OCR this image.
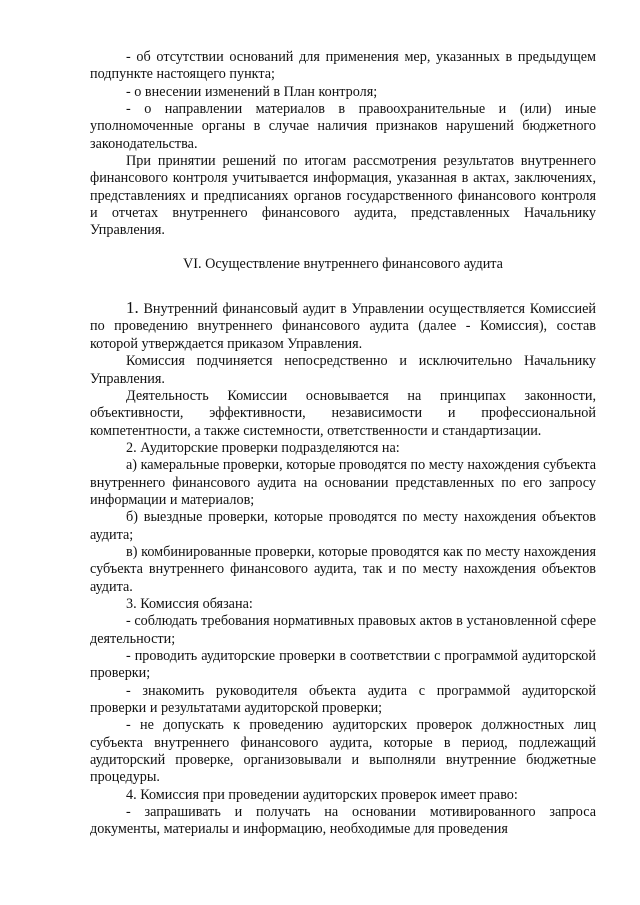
- об отсутствии оснований для применения мер, указанных в предыдущем подпункте настоящего пункта;

- о внесении изменений в План контроля;

- о направлении материалов в правоохранительные и (или) иные уполномоченные органы в случае наличия признаков нарушений бюджетного законодательства.

При принятии решений по итогам рассмотрения результатов внутреннего финансового контроля учитывается информация, указанная в актах, заключениях, представлениях и предписаниях органов государственного финансового контроля и отчетах внутреннего финансового аудита, представленных Начальнику Управления.

VI. Осуществление внутреннего финансового аудита

1. Внутренний финансовый аудит в Управлении осуществляется Комиссией по проведению внутреннего финансового аудита (далее - Комиссия), состав которой утверждается приказом Управления.

Комиссия подчиняется непосредственно и исключительно Начальнику Управления.

Деятельность Комиссии основывается на принципах законности, объективности, эффективности, независимости и профессиональной компетентности, а также системности, ответственности и стандартизации.

2. Аудиторские проверки подразделяются на:

а) камеральные проверки, которые проводятся по месту нахождения субъекта внутреннего финансового аудита на основании представленных по его запросу информации и материалов;

б) выездные проверки, которые проводятся по месту нахождения объектов аудита;

в) комбинированные проверки, которые проводятся как по месту нахождения субъекта внутреннего финансового аудита, так и по месту нахождения объектов аудита.

3. Комиссия обязана:

- соблюдать требования нормативных правовых актов в установленной сфере деятельности;

- проводить аудиторские проверки в соответствии с программой аудиторской проверки;

- знакомить руководителя объекта аудита с программой аудиторской проверки и результатами аудиторской проверки;

- не допускать к проведению аудиторских проверок должностных лиц субъекта внутреннего финансового аудита, которые в период, подлежащий аудиторский проверке, организовывали и выполняли внутренние бюджетные процедуры.

4. Комиссия при проведении аудиторских проверок имеет право:

- запрашивать и получать на основании мотивированного запроса документы, материалы и информацию, необходимые для проведения
